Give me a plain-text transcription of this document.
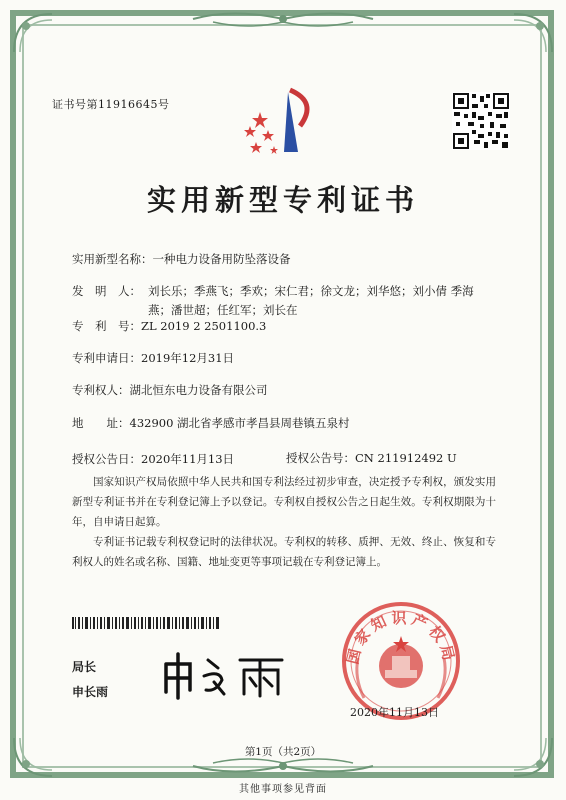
证书号第11916645号
实用新型专利证书
实用新型名称：一种电力设备用防坠落设备
发　明　人： 刘长乐；季燕飞；季欢；宋仁君；徐文龙；刘华悠；刘小倩 季海燕；潘世超；任红军；刘长在
专　利　号：ZL 2019 2 2501100.3
专利申请日：2019年12月31日
专利权人：湖北恒东电力设备有限公司
地　　址：432900 湖北省孝感市孝昌县周巷镇五泉村
授权公告日：2020年11月13日	授权公告号：CN 211912492 U
国家知识产权局依照中华人民共和国专利法经过初步审查，决定授予专利权，颁发实用新型专利证书并在专利登记簿上予以登记。专利权自授权公告之日起生效。专利权期限为十年，自申请日起算。
专利证书记载专利权登记时的法律状况。专利权的转移、质押、无效、终止、恢复和专利权人的姓名或名称、国籍、地址变更等事项记载在专利登记簿上。
局长
申长雨
国家知识产权局
2020年11月13日
第1页（共2页）
其他事项参见背面
